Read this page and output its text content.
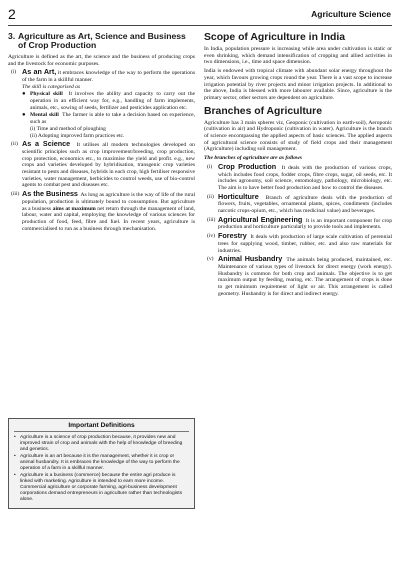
2	Agriculture Science
3. Agriculture as Art, Science and Business of Crop Production

Agriculture is defined as the art, the science and the business of producing crops and the livestock for economic purposes.

(i) As an Art, it embraces knowledge of the way to perform the operations of the farm in a skillful manner.
The skill is categorised as
● Physical skill It involves the ability and capacity to carry out the operation in an efficient way for, e.g., handling of farm implements, animals, etc., sowing of seeds, fertilizer and pesticides application etc.
● Mental skill The farmer is able to take a decision based on experience, such as
(i) Time and method of ploughing
(ii) Adopting improved farm practices etc.
(ii) As a Science It utilises all modern technologies developed on scientific principles such as crop improvement/breeding, crop production, crop protection, economics etc., to maximise the yield and profit. e.g., new crops and varieties developed by hybridisation, transgenic crop varieties resistant to pests and diseases, hybrids in each crop, high fertiliser responsive varieties, water management, herbicides to control weeds, use of bio-control agents to combat pest and diseases etc.
(iii) As the Business As long as agriculture is the way of life of the rural population, production is ultimately bound to consumption. But agriculture as a business aims at maximum net return through the management of land, labour, water and capital, employing the knowledge of various sciences for production of food, feed, fibre and fuel. In recent years, agriculture is commercialised to run as a business through mechanisation.
Important Definitions
• Agriculture is a science of crop production because, it provides new and improved strain of crop and animals with the help of knowledge of breeding and genetics.
• Agriculture is an art because it is the management, whether it is crop or animal husbandry. It is embraces the knowledge of the way to perform the operation of a farm in a skillful manner.
• Agriculture is a business (commerce) because the entire agri produce is linked with marketing. Agriculture is intended to earn more income. Commercial agriculture or corporate farming, agri-business development corporations demand entrepreneurs in agriculture rather than technologists alone.
Scope of Agriculture in India

In India, population pressure is increasing while area under cultivation is static or even shrinking, which demand intensification of cropping and allied activities in two dimensions, i.e., time and space dimension.

India is endowed with tropical climate with abundant solar energy throughout the year, which favours growing crops round the year. There is a vast scope to increase irrigation potential by river projects and minor irrigation projects. In additional to the above, India is blessed with more labourer available. Since, agriculture is the primary sector, other sectors are dependent on agriculture.

Branches of Agriculture

Agriculture has 3 main spheres viz, Geoponic (cultivation in earth-soil), Aeroponic (cultivation in air) and Hydroponic (cultivation in water). Agriculture is the branch of science encompassing the applied aspects of basic sciences. The applied aspects of agricultural science consists of study of field crops and their management (Agriculture) including soil management.

The branches of agriculture are as follows
(i) Crop Production It deals with the production of various crops, which includes food crops, fodder crops, fibre crops, sugar, oil seeds, etc. It includes agronomy, soil science, entomology, pathology, microbiology, etc. The aim is to have better food production and how to control the diseases.
(ii) Horticulture Branch of agriculture deals with the production of flowers, fruits, vegetables, ornamental plants, spices, condiments (includes narcotic crops-opium, etc., which has medicinal value) and beverages.
(iii) Agricultural Engineering It is an important component for crop production and horticulture particularly to provide tools and implements.
(iv) Forestry It deals with production of large scale cultivation of perennial trees for supplying wood, timber, rubber, etc. and also raw materials for industries.
(v) Animal Husbandry The animals being produced, maintained, etc. Maintenance of various types of livestock for direct energy (work energy). Husbandry is common for both crop and animals. The objective is to get maximum output by feeding, rearing, etc. The arrangement of crops is done to get minimum requirement of light or air. This arrangement is called geometry. Husbandry is for direct and indirect energy.
